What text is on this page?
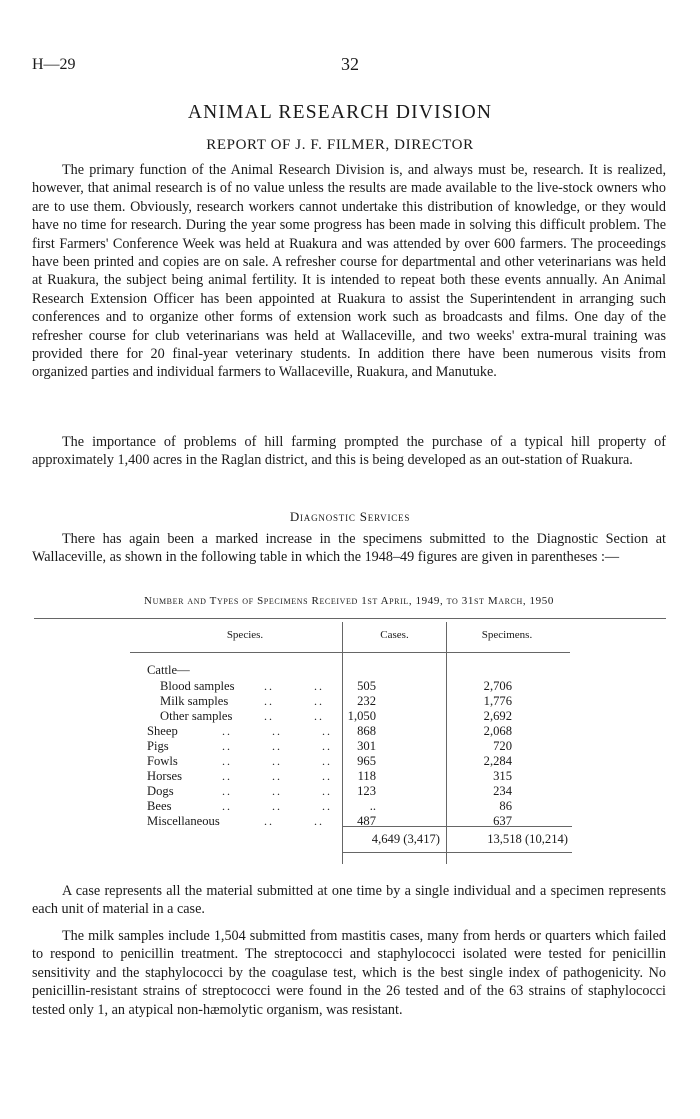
H—29	32
ANIMAL RESEARCH DIVISION
REPORT OF J. F. FILMER, DIRECTOR

The primary function of the Animal Research Division is, and always must be, research. It is realized, however, that animal research is of no value unless the results are made available to the live-stock owners who are to use them. Obviously, research workers cannot undertake this distribution of knowledge, or they would have no time for research. During the year some progress has been made in solving this difficult problem. The first Farmers' Conference Week was held at Ruakura and was attended by over 600 farmers. The proceedings have been printed and copies are on sale. A refresher course for departmental and other veterinarians was held at Ruakura, the subject being animal fertility. It is intended to repeat both these events annually. An Animal Research Extension Officer has been appointed at Ruakura to assist the Superintendent in arranging such conferences and to organize other forms of extension work such as broadcasts and films. One day of the refresher course for club veterinarians was held at Wallaceville, and two weeks' extra-mural training was provided there for 20 final-year veterinary students. In addition there have been numerous visits from organized parties and individual farmers to Wallaceville, Ruakura, and Manutuke.

The importance of problems of hill farming prompted the purchase of a typical hill property of approximately 1,400 acres in the Raglan district, and this is being developed as an out-station of Ruakura.

Diagnostic Services

There has again been a marked increase in the specimens submitted to the Diagnostic Section at Wallaceville, as shown in the following table in which the 1948–49 figures are given in parentheses :—

Number and Types of Specimens Received 1st April, 1949, to 31st March, 1950
Species.	Cases.	Specimens.
Cattle—
Blood samples ..        ..	505	2,706
Milk samples	..        ..	232	1,776
Other samples	..        ..	1,050	2,692
Sheep	..        ..        ..	868	2,068
Pigs	..        ..        ..	301	720
Fowls	..        ..        ..	965	2,284
Horses	..        ..        ..	118	315
Dogs	..        ..        ..	123	234
Bees	..        ..        ..	..	86
Miscellaneous	..        ..	487	637
4,649 (3,417)	13,518 (10,214)

A case represents all the material submitted at one time by a single individual and a specimen represents each unit of material in a case.

The milk samples include 1,504 submitted from mastitis cases, many from herds or quarters which failed to respond to penicillin treatment. The streptococci and staphylococci isolated were tested for penicillin sensitivity and the staphylococci by the coagulase test, which is the best single index of pathogenicity. No penicillin-resistant strains of streptococci were found in the 26 tested and of the 63 strains of staphylococci tested only 1, an atypical non-hæmolytic organism, was resistant.
